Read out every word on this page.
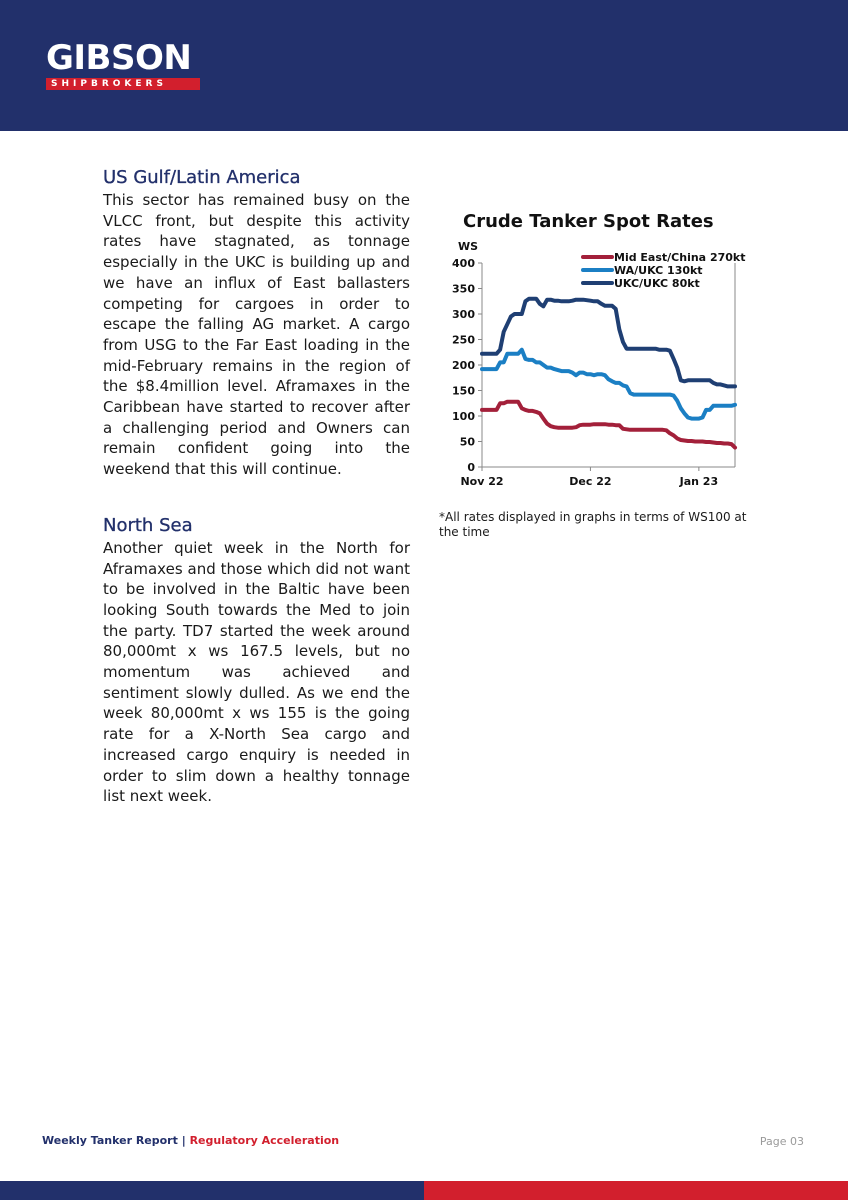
GIBSON
SHIPBROKERS
US Gulf/Latin America

This sector has remained busy on the VLCC front, but despite this activity rates have stagnated, as tonnage especially in the UKC is building up and we have an influx of East ballasters competing for cargoes in order to escape the falling AG market. A cargo from USG to the Far East loading in the mid-February remains in the region of the $8.4million level. Aframaxes in the Caribbean have started to recover after a challenging period and Owners can remain confident going into the weekend that this will continue.

North Sea

Another quiet week in the North for Aframaxes and those which did not want to be involved in the Baltic have been looking South towards the Med to join the party. TD7 started the week around 80,000mt x ws 167.5 levels, but no momentum was achieved and sentiment slowly dulled. As we end the week 80,000mt x ws 155 is the going rate for a X-North Sea cargo and increased cargo enquiry is needed in order to slim down a healthy tonnage list next week.

Crude Tanker Spot Rates
WS
0
50
100
150
200
250
300
350
400
Nov 22	Dec 22	Jan 23
Mid East/China 270kt
WA/UKC 130kt
UKC/UKC 80kt
*All rates displayed in graphs in terms of WS100 at the time
Weekly Tanker Report | Regulatory Acceleration	Page 03
